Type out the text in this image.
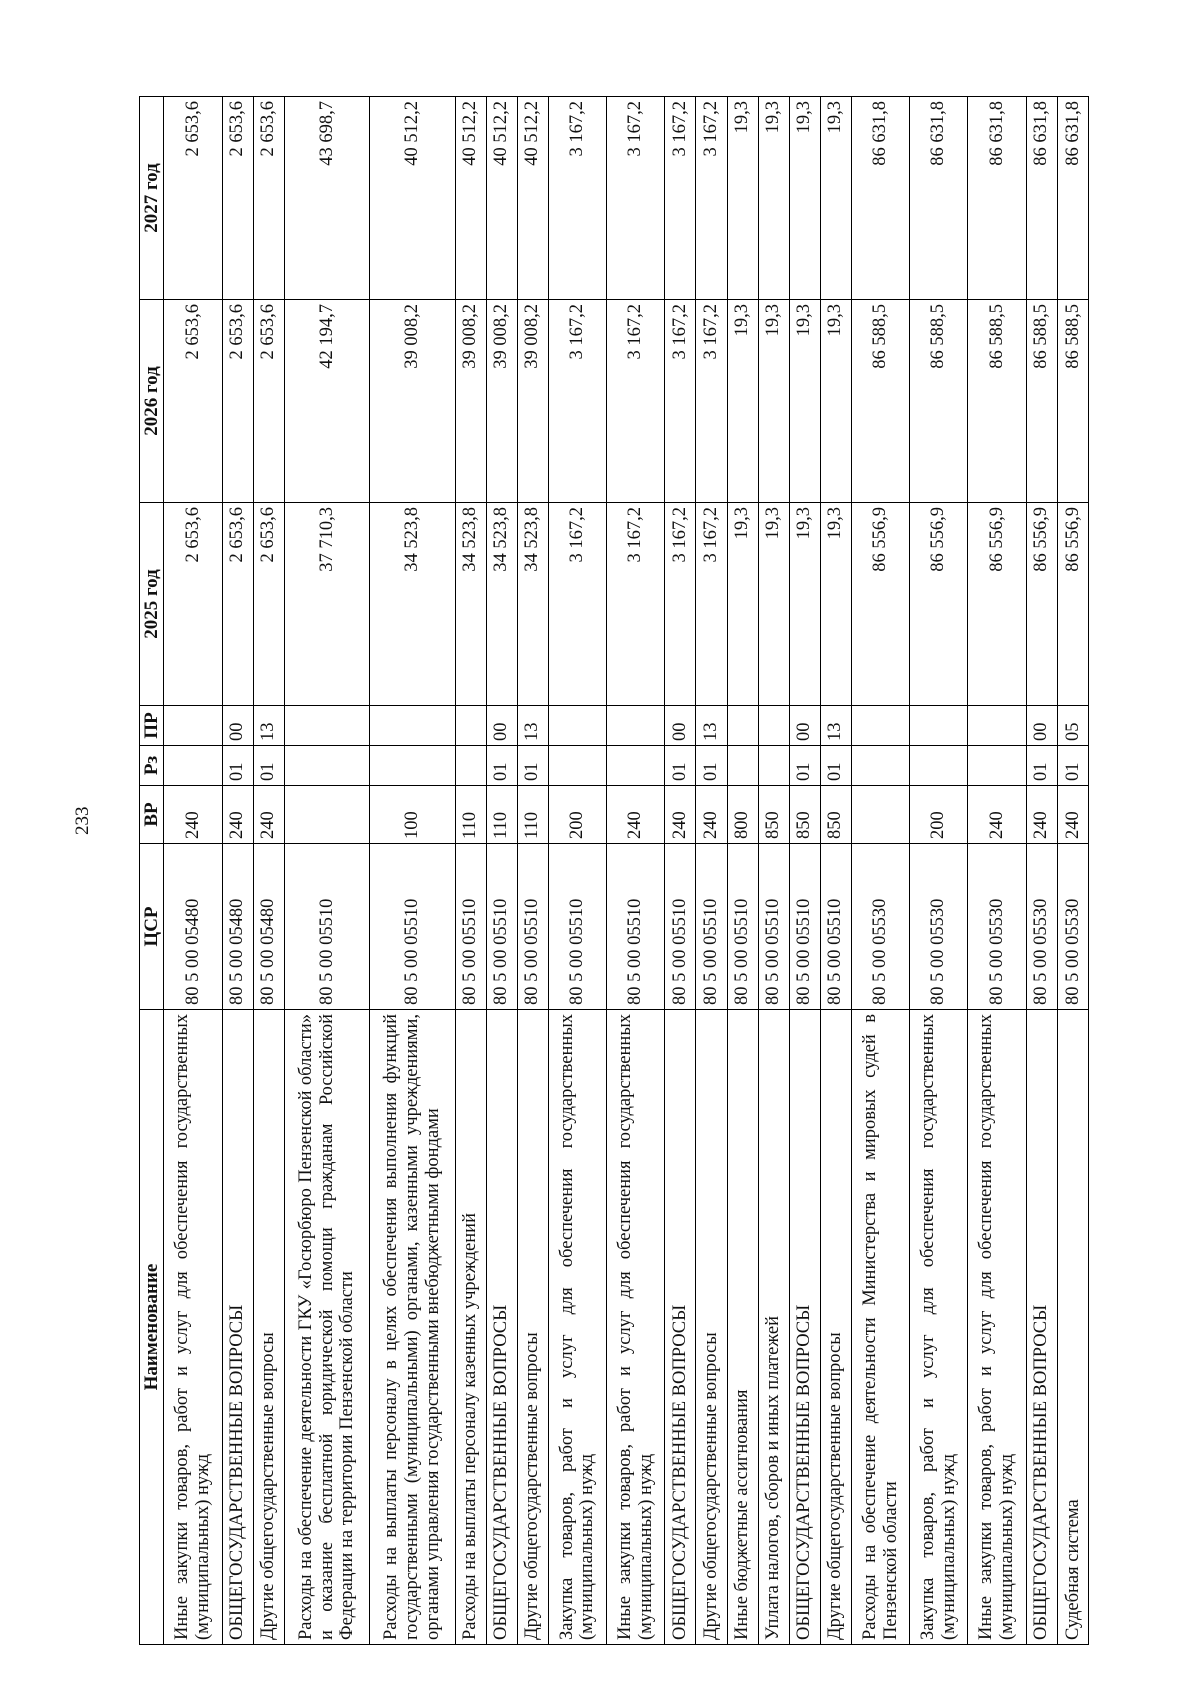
233
Наименование	ЦСР	ВР	Рз	ПР	2025 год	2026 год	2027 год
Иные закупки товаров, работ и услуг для обеспечения государственных (муниципальных) нужд	80 5 00 05480	240			2 653,6	2 653,6	2 653,6
ОБЩЕГОСУДАРСТВЕННЫЕ ВОПРОСЫ	80 5 00 05480	240	01	00	2 653,6	2 653,6	2 653,6
Другие общегосударственные вопросы	80 5 00 05480	240	01	13	2 653,6	2 653,6	2 653,6
Расходы на обеспечение деятельности ГКУ «Госюрбюро Пензенской области» и оказание бесплатной юридической помощи гражданам Российской Федерации на территории Пензенской области	80 5 00 05510				37 710,3	42 194,7	43 698,7
Расходы на выплаты персоналу в целях обеспечения выполнения функций государственными (муниципальными) органами, казенными учреждениями, органами управления государственными внебюджетными фондами	80 5 00 05510	100			34 523,8	39 008,2	40 512,2
Расходы на выплаты персоналу казенных учреждений	80 5 00 05510	110			34 523,8	39 008,2	40 512,2
ОБЩЕГОСУДАРСТВЕННЫЕ ВОПРОСЫ	80 5 00 05510	110	01	00	34 523,8	39 008,2	40 512,2
Другие общегосударственные вопросы	80 5 00 05510	110	01	13	34 523,8	39 008,2	40 512,2
Закупка товаров, работ и услуг для обеспечения государственных (муниципальных) нужд	80 5 00 05510	200			3 167,2	3 167,2	3 167,2
Иные закупки товаров, работ и услуг для обеспечения государственных (муниципальных) нужд	80 5 00 05510	240			3 167,2	3 167,2	3 167,2
ОБЩЕГОСУДАРСТВЕННЫЕ ВОПРОСЫ	80 5 00 05510	240	01	00	3 167,2	3 167,2	3 167,2
Другие общегосударственные вопросы	80 5 00 05510	240	01	13	3 167,2	3 167,2	3 167,2
Иные бюджетные ассигнования	80 5 00 05510	800			19,3	19,3	19,3
Уплата налогов, сборов и иных платежей	80 5 00 05510	850			19,3	19,3	19,3
ОБЩЕГОСУДАРСТВЕННЫЕ ВОПРОСЫ	80 5 00 05510	850	01	00	19,3	19,3	19,3
Другие общегосударственные вопросы	80 5 00 05510	850	01	13	19,3	19,3	19,3
Расходы на обеспечение деятельности Министерства и мировых судей в Пензенской области	80 5 00 05530				86 556,9	86 588,5	86 631,8
Закупка товаров, работ и услуг для обеспечения государственных (муниципальных) нужд	80 5 00 05530	200			86 556,9	86 588,5	86 631,8
Иные закупки товаров, работ и услуг для обеспечения государственных (муниципальных) нужд	80 5 00 05530	240			86 556,9	86 588,5	86 631,8
ОБЩЕГОСУДАРСТВЕННЫЕ ВОПРОСЫ	80 5 00 05530	240	01	00	86 556,9	86 588,5	86 631,8
Судебная система	80 5 00 05530	240	01	05	86 556,9	86 588,5	86 631,8
